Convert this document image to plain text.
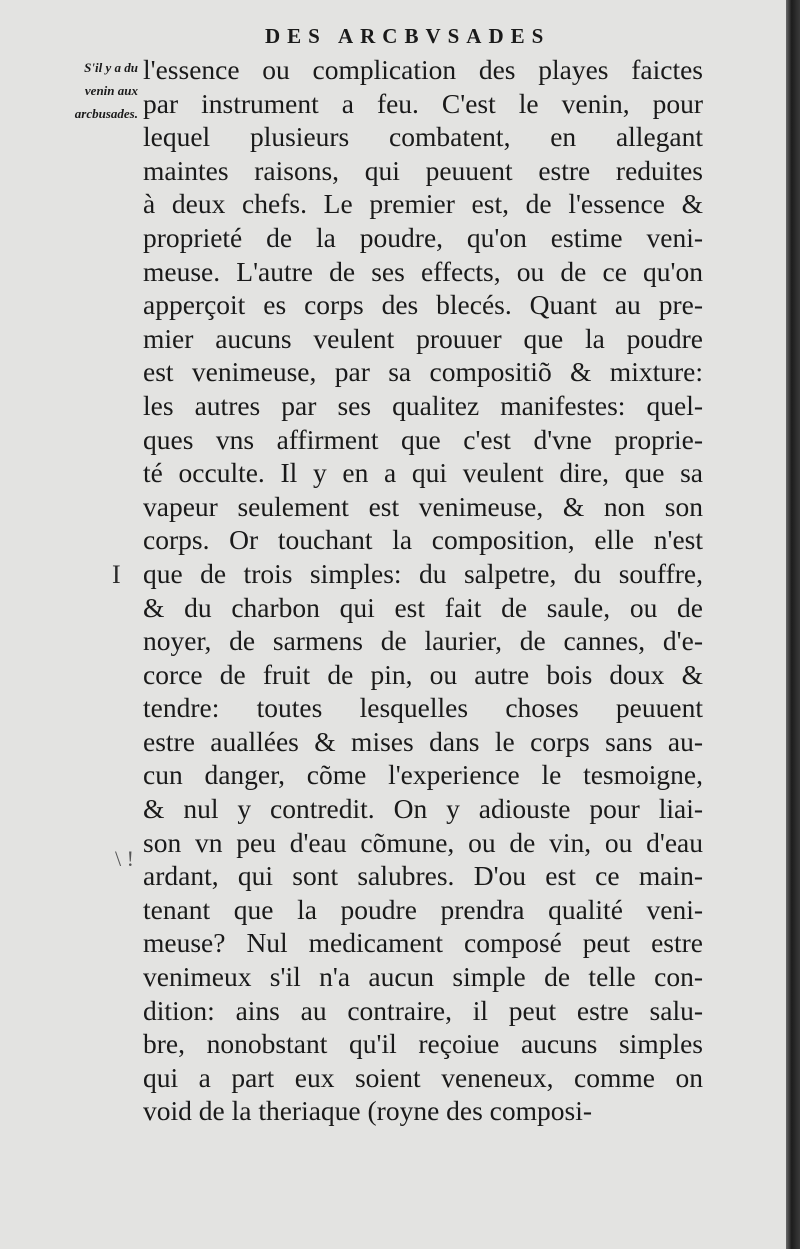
DES ARCBVSADES
S'il y a du
venin aux
arcbusades.
I
\ !
l'essence ou complication des playes faictes
par instrument a feu. C'est le venin, pour
lequel plusieurs combatent, en allegant
maintes raisons, qui peuuent estre reduites
à deux chefs. Le premier est, de l'essence &
proprieté de la poudre, qu'on estime veni-
meuse. L'autre de ses effects, ou de ce qu'on
apperçoit es corps des blecés. Quant au pre-
mier aucuns veulent prouuer que la poudre
est venimeuse, par sa compositiõ & mixture:
les autres par ses qualitez manifestes: quel-
ques vns affirment que c'est d'vne proprie-
té occulte. Il y en a qui veulent dire, que sa
vapeur seulement est venimeuse, & non son
corps. Or touchant la composition, elle n'est
que de trois simples: du salpetre, du souffre,
& du charbon qui est fait de saule, ou de
noyer, de sarmens de laurier, de cannes, d'e-
corce de fruit de pin, ou autre bois doux &
tendre: toutes lesquelles choses peuuent
estre auallées & mises dans le corps sans au-
cun danger, cõme l'experience le tesmoigne,
& nul y contredit. On y adiouste pour liai-
son vn peu d'eau cõmune, ou de vin, ou d'eau
ardant, qui sont salubres. D'ou est ce main-
tenant que la poudre prendra qualité veni-
meuse? Nul medicament composé peut estre
venimeux s'il n'a aucun simple de telle con-
dition: ains au contraire, il peut estre salu-
bre, nonobstant qu'il reçoiue aucuns simples
qui a part eux soient veneneux, comme on
void de la theriaque (royne des composi-
